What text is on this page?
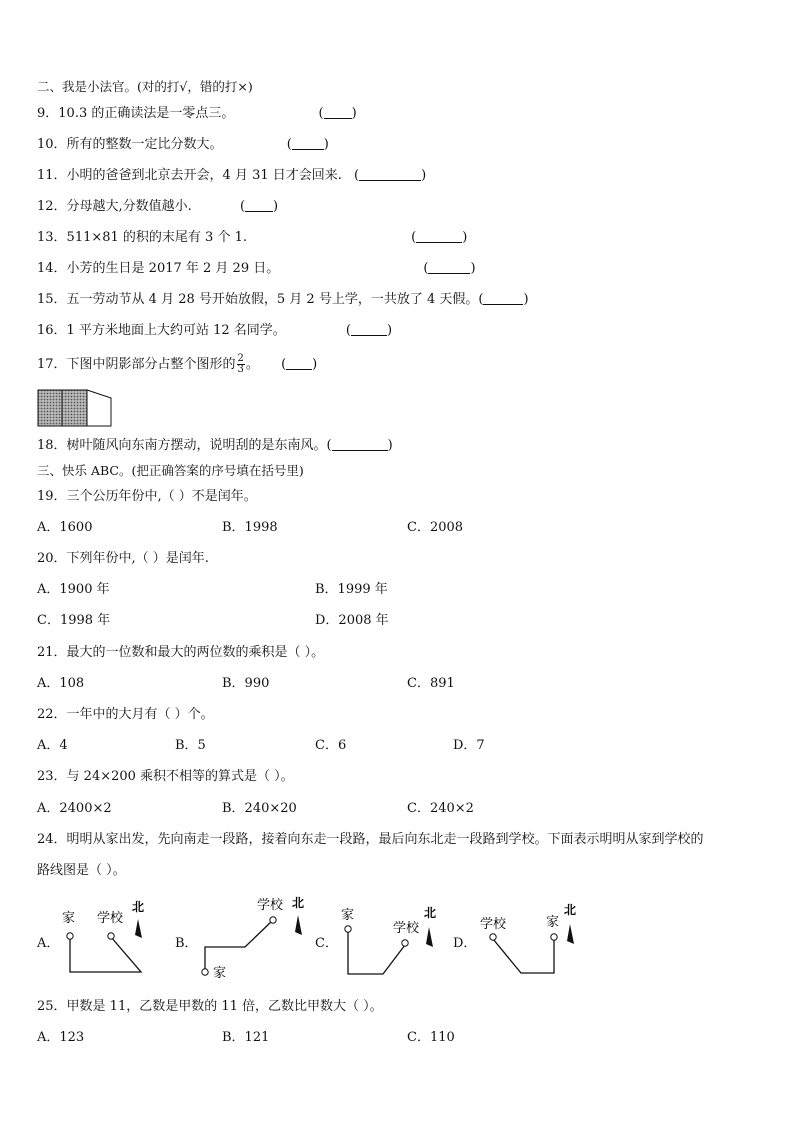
二、我是小法官。(对的打√，错的打×)
9．10.3 的正确读法是一零点三。	( )
10．所有的整数一定比分数大。	( )
11．小明的爸爸到北京去开会，4 月 31 日才会回来. (	)
12．分母越大,分数值越小.	( )
13．511×81 的积的末尾有 3 个 1.	(	)
14．小芳的生日是 2017 年 2 月 29 日。	(	)
15．五一劳动节从 4 月 28 号开始放假，5 月 2 号上学，一共放了 4 天假。(	)
16．1 平方米地面上大约可站 12 名同学。	(	)
17．下图中阴影部分占整个图形的 $\frac{2}{3}$ 。 ( )
18．树叶随风向东南方摆动，说明刮的是东南风。(	)
三、快乐 ABC。(把正确答案的序号填在括号里)
19．三个公历年份中,（ ）不是闰年。
A．1600	B．1998	C．2008
20．下列年份中,（ ）是闰年.
A．1900 年	B．1999 年
C．1998 年	D．2008 年
21．最大的一位数和最大的两位数的乘积是（ ）。
A．108	B．990	C．891
22．一年中的大月有（ ）个。
A．4	B．5	C．6	D．7
23．与 24×200 乘积不相等的算式是（ ）。
A．2400×2	B．240×20	C．240×2
24．明明从家出发，先向南走一段路，接着向东走一段路，最后向东北走一段路到学校。下面表示明明从家到学校的
路线图是（ ）。
A．	B．	C．	D．
家 学校
北	学校 北
家
家
学校
北
学校	家
北
25．甲数是 11，乙数是甲数的 11 倍，乙数比甲数大（ ）。
A．123	B．121	C．110
